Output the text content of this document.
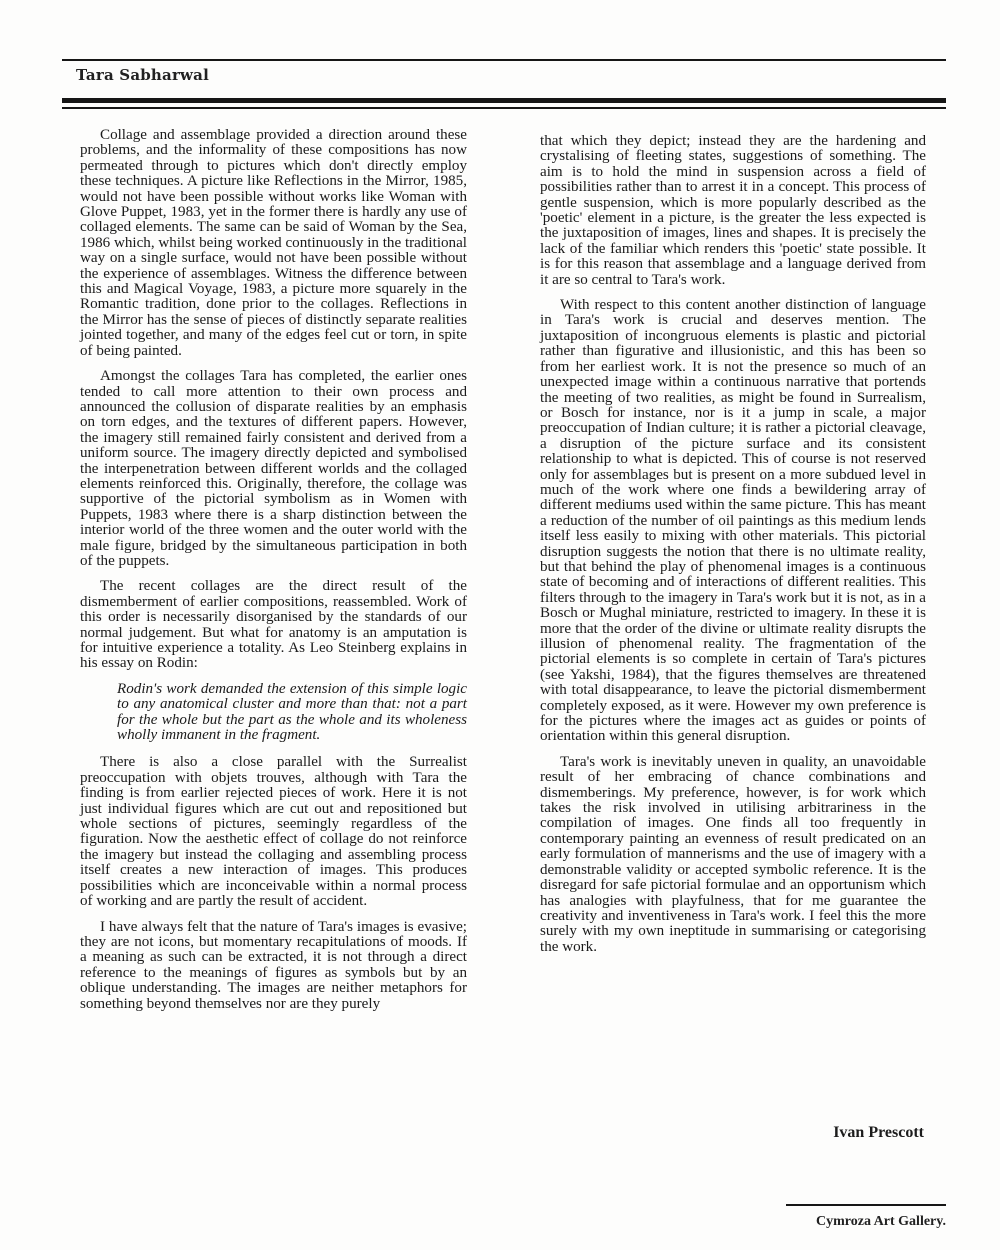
Tara Sabharwal

Collage and assemblage provided a direction around these problems, and the informality of these compositions has now permeated through to pictures which don't directly employ these techniques. A picture like Reflections in the Mirror, 1985, would not have been possible without works like Woman with Glove Puppet, 1983, yet in the former there is hardly any use of collaged elements. The same can be said of Woman by the Sea, 1986 which, whilst being worked continuously in the traditional way on a single surface, would not have been possible without the experience of assemblages. Witness the difference between this and Magical Voyage, 1983, a picture more squarely in the Romantic tradition, done prior to the collages. Reflections in the Mirror has the sense of pieces of distinctly separate realities jointed together, and many of the edges feel cut or torn, in spite of being painted.

Amongst the collages Tara has completed, the earlier ones tended to call more attention to their own process and announced the collusion of disparate realities by an emphasis on torn edges, and the textures of different papers. However, the imagery still remained fairly consistent and derived from a uniform source. The imagery directly depicted and symbolised the interpenetration between different worlds and the collaged elements reinforced this. Originally, therefore, the collage was supportive of the pictorial symbolism as in Women with Puppets, 1983 where there is a sharp distinction between the interior world of the three women and the outer world with the male figure, bridged by the simultaneous participation in both of the puppets.

The recent collages are the direct result of the dismemberment of earlier compositions, reassembled. Work of this order is necessarily disorganised by the standards of our normal judgement. But what for anatomy is an amputation is for intuitive experience a totality. As Leo Steinberg explains in his essay on Rodin:

Rodin's work demanded the extension of this simple logic to any anatomical cluster and more than that: not a part for the whole but the part as the whole and its wholeness wholly immanent in the fragment.

There is also a close parallel with the Surrealist preoccupation with objets trouves, although with Tara the finding is from earlier rejected pieces of work. Here it is not just individual figures which are cut out and repositioned but whole sections of pictures, seemingly regardless of the figuration. Now the aesthetic effect of collage do not reinforce the imagery but instead the collaging and assembling process itself creates a new interaction of images. This produces possibilities which are inconceivable within a normal process of working and are partly the result of accident.

I have always felt that the nature of Tara's images is evasive; they are not icons, but momentary recapitulations of moods. If a meaning as such can be extracted, it is not through a direct reference to the meanings of figures as symbols but by an oblique understanding. The images are neither metaphors for something beyond themselves nor are they purely

that which they depict; instead they are the hardening and crystalising of fleeting states, suggestions of something. The aim is to hold the mind in suspension across a field of possibilities rather than to arrest it in a concept. This process of gentle suspension, which is more popularly described as the 'poetic' element in a picture, is the greater the less expected is the juxtaposition of images, lines and shapes. It is precisely the lack of the familiar which renders this 'poetic' state possible. It is for this reason that assemblage and a language derived from it are so central to Tara's work.

With respect to this content another distinction of language in Tara's work is crucial and deserves mention. The juxtaposition of incongruous elements is plastic and pictorial rather than figurative and illusionistic, and this has been so from her earliest work. It is not the presence so much of an unexpected image within a continuous narrative that portends the meeting of two realities, as might be found in Surrealism, or Bosch for instance, nor is it a jump in scale, a major preoccupation of Indian culture; it is rather a pictorial cleavage, a disruption of the picture surface and its consistent relationship to what is depicted. This of course is not reserved only for assemblages but is present on a more subdued level in much of the work where one finds a bewildering array of different mediums used within the same picture. This has meant a reduction of the number of oil paintings as this medium lends itself less easily to mixing with other materials. This pictorial disruption suggests the notion that there is no ultimate reality, but that behind the play of phenomenal images is a continuous state of becoming and of interactions of different realities. This filters through to the imagery in Tara's work but it is not, as in a Bosch or Mughal miniature, restricted to imagery. In these it is more that the order of the divine or ultimate reality disrupts the illusion of phenomenal reality. The fragmentation of the pictorial elements is so complete in certain of Tara's pictures (see Yakshi, 1984), that the figures themselves are threatened with total disappearance, to leave the pictorial dismemberment completely exposed, as it were. However my own preference is for the pictures where the images act as guides or points of orientation within this general disruption.

Tara's work is inevitably uneven in quality, an unavoidable result of her embracing of chance combinations and dismemberings. My preference, however, is for work which takes the risk involved in utilising arbitrariness in the compilation of images. One finds all too frequently in contemporary painting an evenness of result predicated on an early formulation of mannerisms and the use of imagery with a demonstrable validity or accepted symbolic reference. It is the disregard for safe pictorial formulae and an opportunism which has analogies with playfulness, that for me guarantee the creativity and inventiveness in Tara's work. I feel this the more surely with my own ineptitude in summarising or categorising the work.

Ivan Prescott
Cymroza Art Gallery.
